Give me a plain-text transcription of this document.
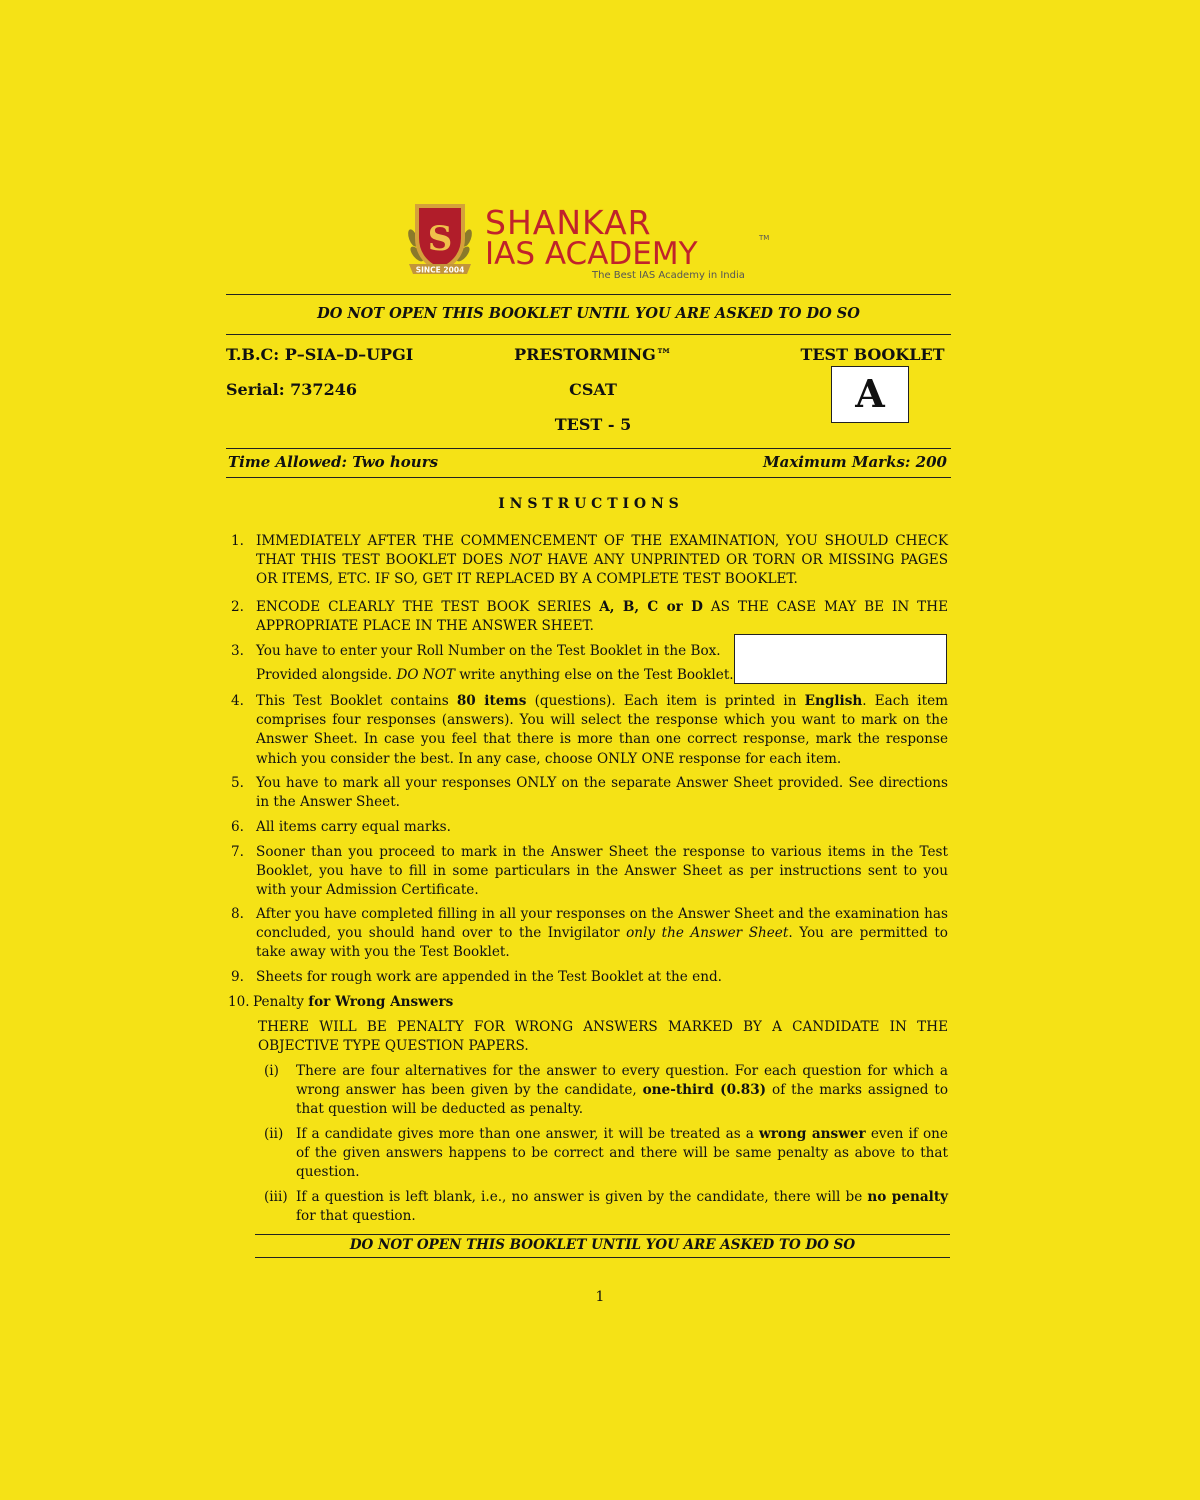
S
SINCE 2004
SHANKAR
IAS ACADEMY	TM
The Best IAS Academy in India
DO NOT OPEN THIS BOOKLET UNTIL YOU ARE ASKED TO DO SO
T.B.C: P–SIA–D–UPGI
Serial: 737246
PRESTORMING™
CSAT
TEST - 5
TEST BOOKLET
A
Time Allowed: Two hours	Maximum Marks: 200
I N S T R U C T I O N S
1. IMMEDIATELY AFTER THE COMMENCEMENT OF THE EXAMINATION, YOU SHOULD CHECK THAT THIS TEST BOOKLET DOES NOT HAVE ANY UNPRINTED OR TORN OR MISSING PAGES OR ITEMS, ETC. IF SO, GET IT REPLACED BY A COMPLETE TEST BOOKLET.
2. ENCODE CLEARLY THE TEST BOOK SERIES A, B, C or D AS THE CASE MAY BE IN THE APPROPRIATE PLACE IN THE ANSWER SHEET.
3. You have to enter your Roll Number on the Test Booklet in the Box.
Provided alongside. DO NOT write anything else on the Test Booklet.
4. This Test Booklet contains 80 items (questions). Each item is printed in English. Each item comprises four responses (answers). You will select the response which you want to mark on the Answer Sheet. In case you feel that there is more than one correct response, mark the response which you consider the best. In any case, choose ONLY ONE response for each item.
5. You have to mark all your responses ONLY on the separate Answer Sheet provided. See directions in the Answer Sheet.
6. All items carry equal marks.
7. Sooner than you proceed to mark in the Answer Sheet the response to various items in the Test Booklet, you have to fill in some particulars in the Answer Sheet as per instructions sent to you with your Admission Certificate.
8. After you have completed filling in all your responses on the Answer Sheet and the examination has concluded, you should hand over to the Invigilator only the Answer Sheet. You are permitted to take away with you the Test Booklet.
9. Sheets for rough work are appended in the Test Booklet at the end.
10. Penalty for Wrong Answers
THERE WILL BE PENALTY FOR WRONG ANSWERS MARKED BY A CANDIDATE IN THE OBJECTIVE TYPE QUESTION PAPERS.
(i) There are four alternatives for the answer to every question. For each question for which a wrong answer has been given by the candidate, one-third (0.83) of the marks assigned to that question will be deducted as penalty.
(ii) If a candidate gives more than one answer, it will be treated as a wrong answer even if one of the given answers happens to be correct and there will be same penalty as above to that question.
(iii) If a question is left blank, i.e., no answer is given by the candidate, there will be no penalty for that question.
DO NOT OPEN THIS BOOKLET UNTIL YOU ARE ASKED TO DO SO
1
